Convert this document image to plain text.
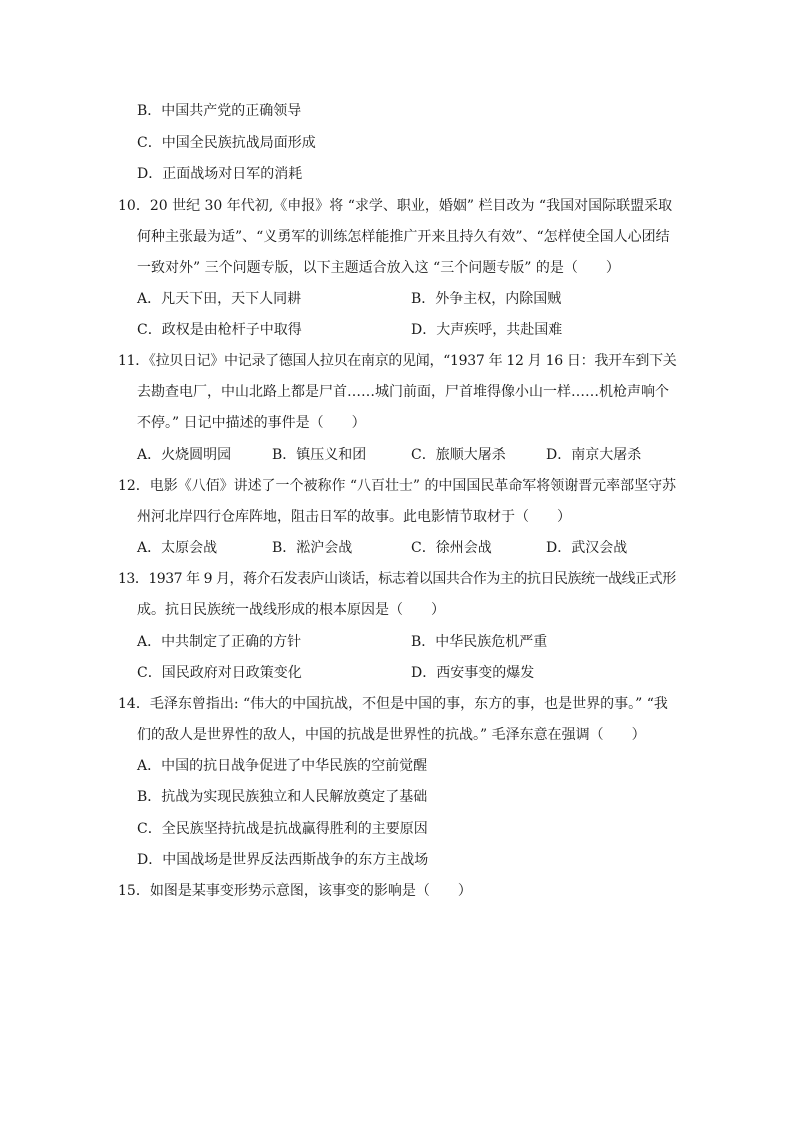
B．中国共产党的正确领导
C．中国全民族抗战局面形成
D．正面战场对日军的消耗
10．20 世纪 30 年代初,《申报》将 “求学、职业，婚姻” 栏目改为 “我国对国际联盟采取
何种主张最为适”、“义勇军的训练怎样能推广开来且持久有效”、“怎样使全国人心团结
一致对外” 三个问题专版，以下主题适合放入这 “三个问题专版” 的是（　　）
A．凡天下田，天下人同耕	B．外争主权，内除国贼
C．政权是由枪杆子中取得	D．大声疾呼，共赴国难
11．《拉贝日记》中记录了德国人拉贝在南京的见闻，“1937 年 12 月 16 日：我开车到下关
去勘查电厂，中山北路上都是尸首……城门前面，尸首堆得像小山一样……机枪声响个
不停。” 日记中描述的事件是（　　）
A．火烧圆明园	B．镇压义和团	C．旅顺大屠杀	D．南京大屠杀
12．电影《八佰》讲述了一个被称作 “八百壮士” 的中国国民革命军将领谢晋元率部坚守苏
州河北岸四行仓库阵地，阻击日军的故事。此电影情节取材于（　　）
A．太原会战	B．淞沪会战	C．徐州会战	D．武汉会战
13．1937 年 9 月，蒋介石发表庐山谈话，标志着以国共合作为主的抗日民族统一战线正式形
成。抗日民族统一战线形成的根本原因是（　　）
A．中共制定了正确的方针	B．中华民族危机严重
C．国民政府对日政策变化	D．西安事变的爆发
14．毛泽东曾指出: “伟大的中国抗战，不但是中国的事，东方的事，也是世界的事。” “我
们的敌人是世界性的敌人，中国的抗战是世界性的抗战。” 毛泽东意在强调（　　）
A．中国的抗日战争促进了中华民族的空前觉醒
B．抗战为实现民族独立和人民解放奠定了基础
C．全民族坚持抗战是抗战赢得胜利的主要原因
D．中国战场是世界反法西斯战争的东方主战场
15．如图是某事变形势示意图，该事变的影响是（　　）
